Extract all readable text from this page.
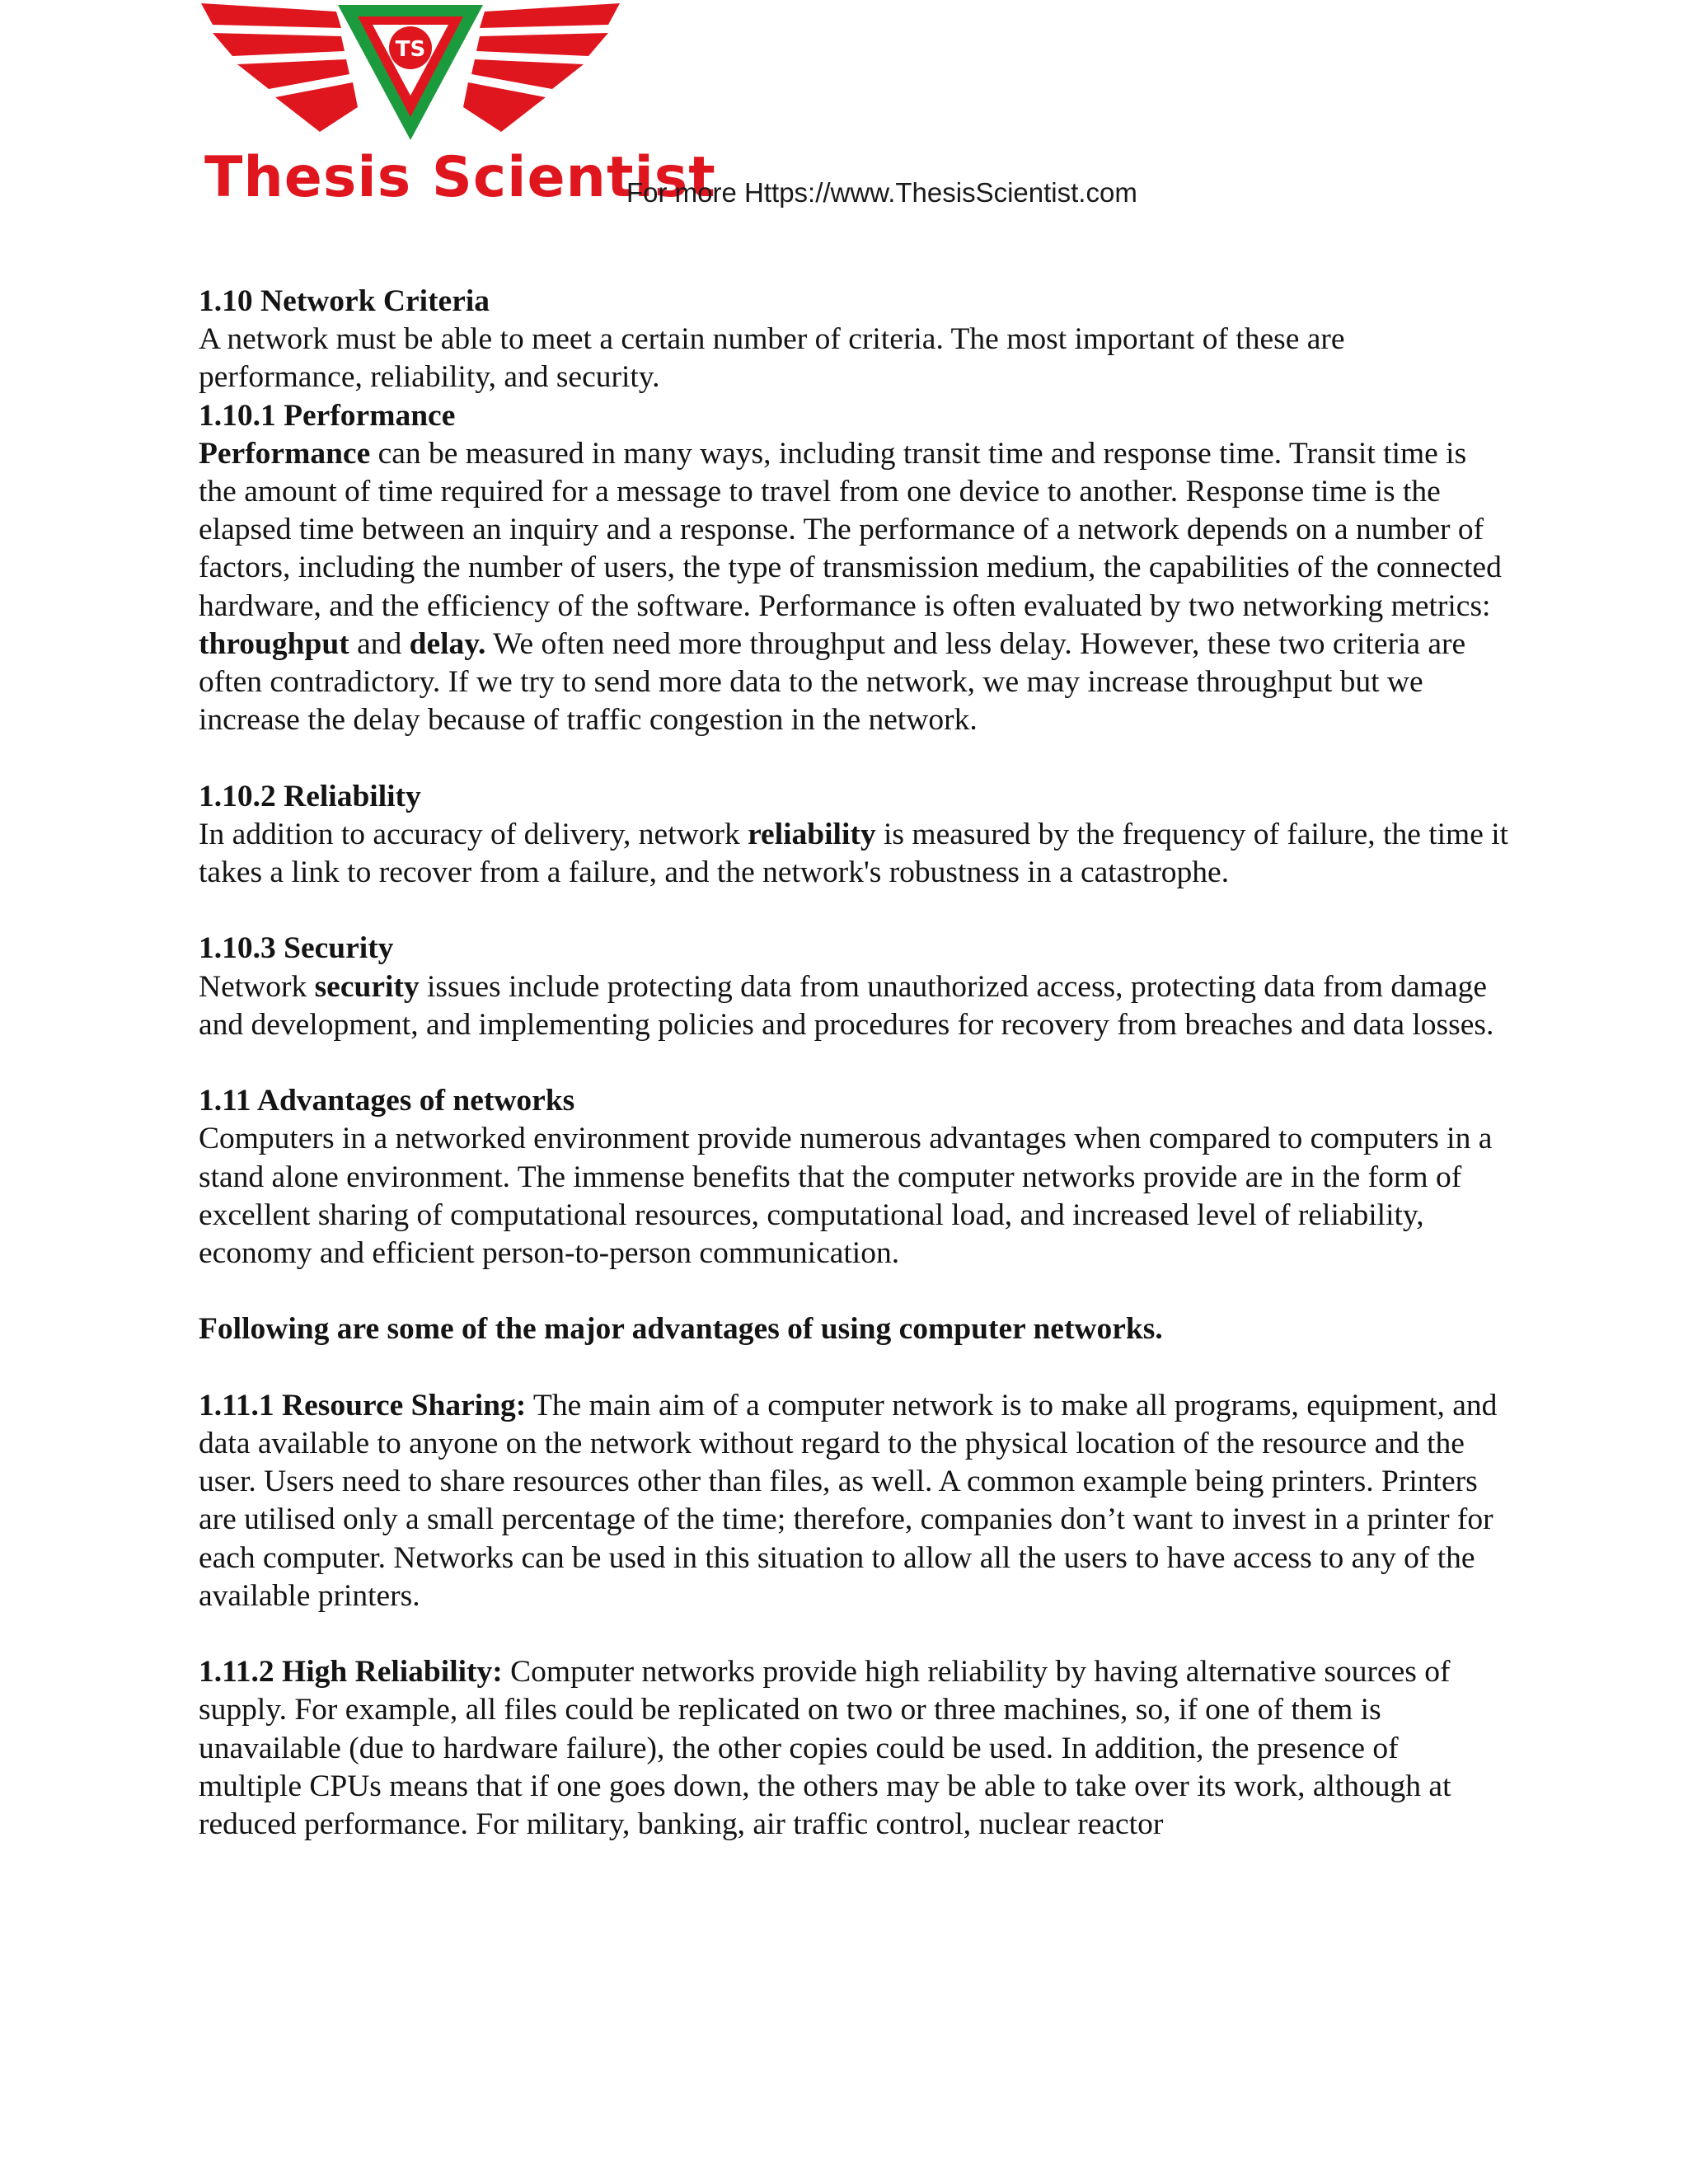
TS
Thesis Scientist
For more Https://www.ThesisScientist.com

1.10 Network Criteria

A network must be able to meet a certain number of criteria. The most important of these are performance, reliability, and security.

1.10.1 Performance

Performance can be measured in many ways, including transit time and response time. Transit time is the amount of time required for a message to travel from one device to another. Response time is the elapsed time between an inquiry and a response. The performance of a network depends on a number of factors, including the number of users, the type of transmission medium, the capabilities of the connected hardware, and the efficiency of the software. Performance is often evaluated by two networking metrics: throughput and delay. We often need more throughput and less delay. However, these two criteria are often contradictory. If we try to send more data to the network, we may increase throughput but we increase the delay because of traffic congestion in the network.

1.10.2 Reliability

In addition to accuracy of delivery, network reliability is measured by the frequency of failure, the time it takes a link to recover from a failure, and the network's robustness in a catastrophe.

1.10.3 Security

Network security issues include protecting data from unauthorized access, protecting data from damage and development, and implementing policies and procedures for recovery from breaches and data losses.

1.11 Advantages of networks

Computers in a networked environment provide numerous advantages when compared to computers in a stand alone environment. The immense benefits that the computer networks provide are in the form of excellent sharing of computational resources, computational load, and increased level of reliability, economy and efficient person-to-person communication.

Following are some of the major advantages of using computer networks.

1.11.1 Resource Sharing: The main aim of a computer network is to make all programs, equipment, and data available to anyone on the network without regard to the physical location of the resource and the user. Users need to share resources other than files, as well. A common example being printers. Printers are utilised only a small percentage of the time; therefore, companies don’t want to invest in a printer for each computer. Networks can be used in this situation to allow all the users to have access to any of the available printers.

1.11.2 High Reliability: Computer networks provide high reliability by having alternative sources of supply. For example, all files could be replicated on two or three machines, so, if one of them is unavailable (due to hardware failure), the other copies could be used. In addition, the presence of multiple CPUs means that if one goes down, the others may be able to take over its work, although at reduced performance. For military, banking, air traffic control, nuclear reactor
